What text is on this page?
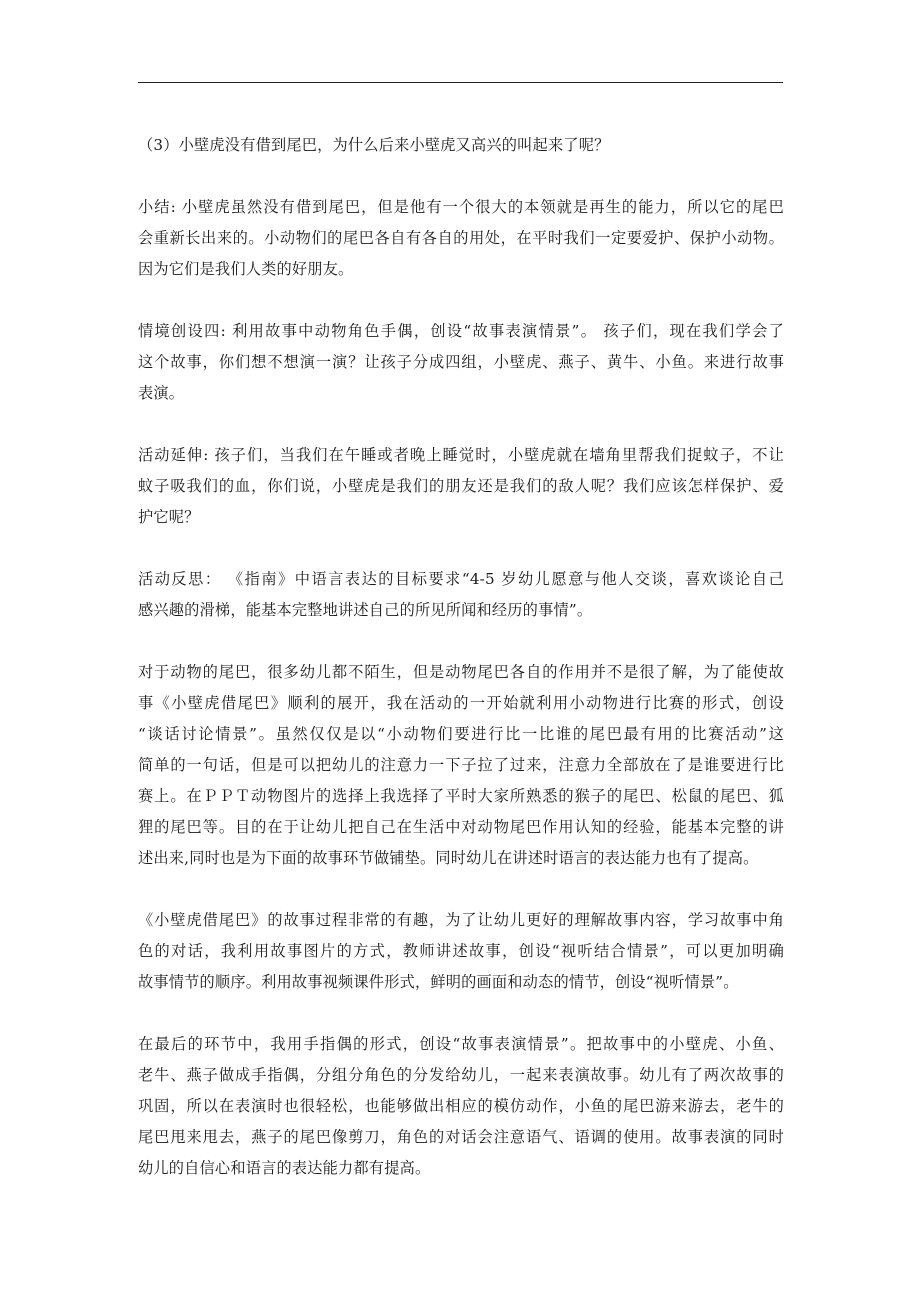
（3）小壁虎没有借到尾巴，为什么后来小壁虎又高兴的叫起来了呢？
小结: 小壁虎虽然没有借到尾巴，但是他有一个很大的本领就是再生的能力，所以它的尾巴
会重新长出来的。小动物们的尾巴各自有各自的用处，在平时我们一定要爱护、保护小动物。
因为它们是我们人类的好朋友。
情境创设四: 利用故事中动物角色手偶，创设“故事表演情景”。 孩子们，现在我们学会了
这个故事，你们想不想演一演？让孩子分成四组，小壁虎、燕子、黄牛、小鱼。来进行故事
表演。
活动延伸: 孩子们，当我们在午睡或者晚上睡觉时，小壁虎就在墙角里帮我们捉蚊子，不让
蚊子吸我们的血，你们说，小壁虎是我们的朋友还是我们的敌人呢？我们应该怎样保护、爱
护它呢？
活动反思： 《指南》中语言表达的目标要求“4-5 岁幼儿愿意与他人交谈，喜欢谈论自己
感兴趣的滑梯，能基本完整地讲述自己的所见所闻和经历的事情”。
对于动物的尾巴，很多幼儿都不陌生，但是动物尾巴各自的作用并不是很了解，为了能使故
事《小壁虎借尾巴》顺利的展开，我在活动的一开始就利用小动物进行比赛的形式，创设
“谈话讨论情景”。虽然仅仅是以“小动物们要进行比一比谁的尾巴最有用的比赛活动”这
简单的一句话，但是可以把幼儿的注意力一下子拉了过来，注意力全部放在了是谁要进行比
赛上。在ＰＰＴ动物图片的选择上我选择了平时大家所熟悉的猴子的尾巴、松鼠的尾巴、狐
狸的尾巴等。目的在于让幼儿把自己在生活中对动物尾巴作用认知的经验，能基本完整的讲
述出来,同时也是为下面的故事环节做铺垫。同时幼儿在讲述时语言的表达能力也有了提高。
《小壁虎借尾巴》的故事过程非常的有趣，为了让幼儿更好的理解故事内容，学习故事中角
色的对话，我利用故事图片的方式，教师讲述故事，创设“视听结合情景”，可以更加明确
故事情节的顺序。利用故事视频课件形式，鲜明的画面和动态的情节，创设“视听情景”。
在最后的环节中，我用手指偶的形式，创设“故事表演情景”。把故事中的小壁虎、小鱼、
老牛、燕子做成手指偶，分组分角色的分发给幼儿，一起来表演故事。幼儿有了两次故事的
巩固，所以在表演时也很轻松，也能够做出相应的模仿动作，小鱼的尾巴游来游去，老牛的
尾巴甩来甩去，燕子的尾巴像剪刀，角色的对话会注意语气、语调的使用。故事表演的同时
幼儿的自信心和语言的表达能力都有提高。
